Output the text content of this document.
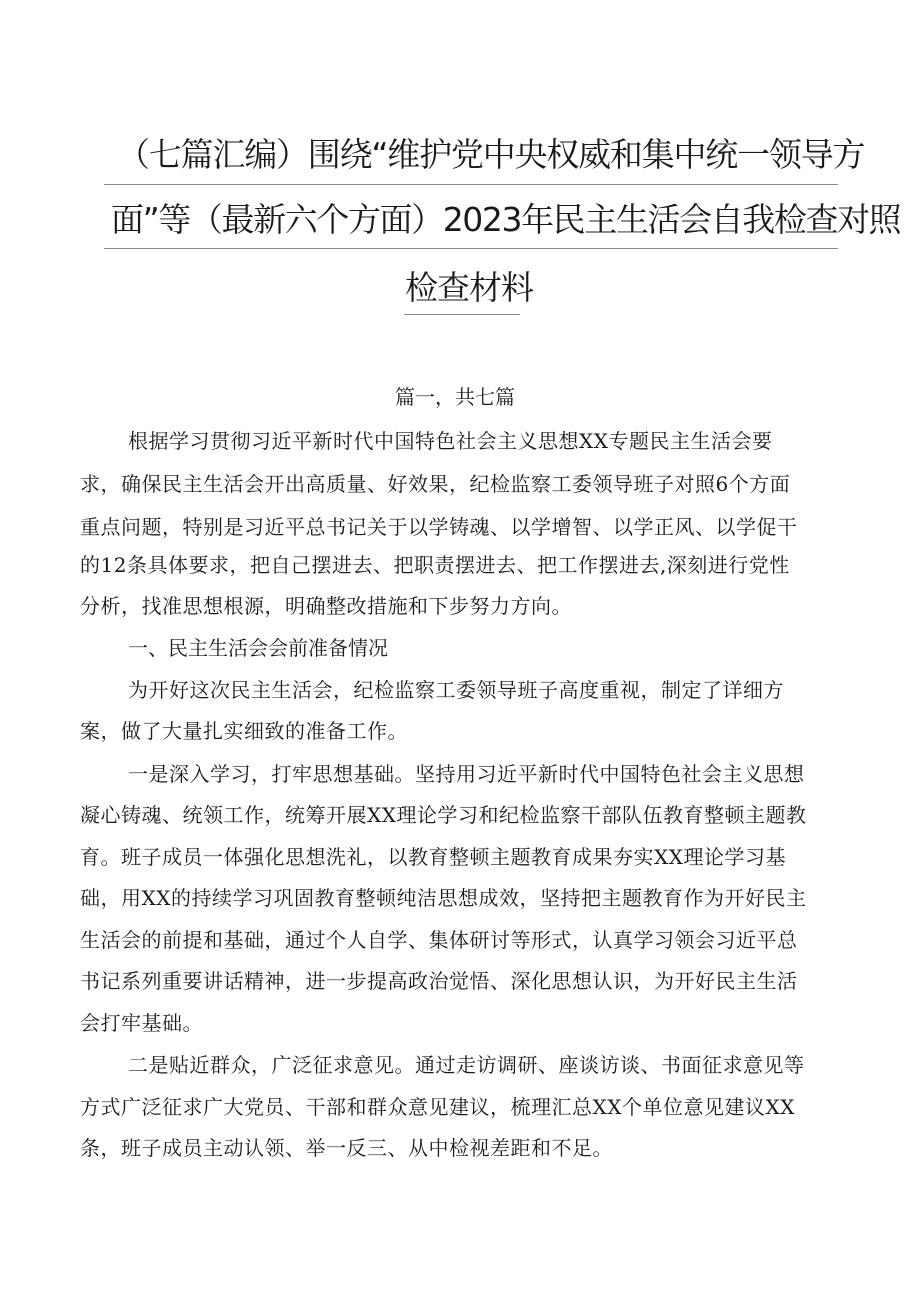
（七篇汇编）围绕“维护党中央权威和集中统一领导方
面”等（最新六个方面）2023年民主生活会自我检查对照
检查材料
篇一，共七篇
根据学习贯彻习近平新时代中国特色社会主义思想XX专题民主生活会要
求，确保民主生活会开出高质量、好效果，纪检监察工委领导班子对照6个方面
重点问题，特别是习近平总书记关于以学铸魂、以学增智、以学正风、以学促干
的12条具体要求，把自己摆进去、把职责摆进去、把工作摆进去,深刻进行党性
分析，找准思想根源，明确整改措施和下步努力方向。
一、民主生活会会前准备情况
为开好这次民主生活会，纪检监察工委领导班子高度重视，制定了详细方
案，做了大量扎实细致的准备工作。
一是深入学习，打牢思想基础。坚持用习近平新时代中国特色社会主义思想
凝心铸魂、统领工作，统筹开展XX理论学习和纪检监察干部队伍教育整顿主题教
育。班子成员一体强化思想洗礼，以教育整顿主题教育成果夯实XX理论学习基
础，用XX的持续学习巩固教育整顿纯洁思想成效，坚持把主题教育作为开好民主
生活会的前提和基础，通过个人自学、集体研讨等形式，认真学习领会习近平总
书记系列重要讲话精神，进一步提高政治觉悟、深化思想认识，为开好民主生活
会打牢基础。
二是贴近群众，广泛征求意见。通过走访调研、座谈访谈、书面征求意见等
方式广泛征求广大党员、干部和群众意见建议，梳理汇总XX个单位意见建议XX
条，班子成员主动认领、举一反三、从中检视差距和不足。
